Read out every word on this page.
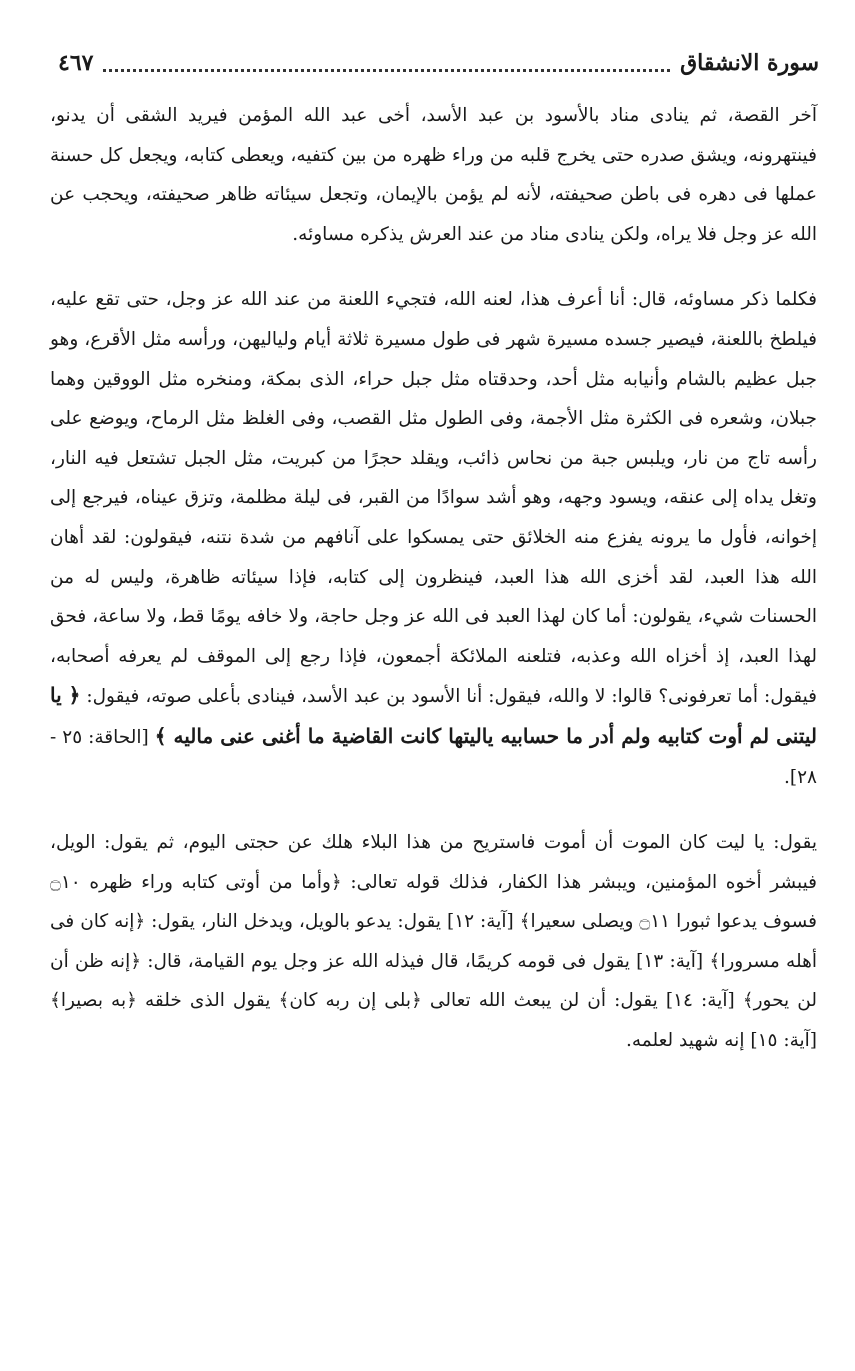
سورة الانشقاق
٤٦٧

آخر القصة، ثم ينادى مناد بالأسود بن عبد الأسد، أخى عبد الله المؤمن فيريد الشقى أن يدنو، فينتهرونه، ويشق صدره حتى يخرج قلبه من وراء ظهره من بين كتفيه، ويعطى كتابه، ويجعل كل حسنة عملها فى دهره فى باطن صحيفته، لأنه لم يؤمن بالإيمان، وتجعل سيئاته ظاهر صحيفته، ويحجب عن الله عز وجل فلا يراه، ولكن ينادى مناد من عند العرش يذكره مساوئه.

فكلما ذكر مساوئه، قال: أنا أعرف هذا، لعنه الله، فتجيء اللعنة من عند الله عز وجل، حتى تقع عليه، فيلطخ باللعنة، فيصير جسده مسيرة شهر فى طول مسيرة ثلاثة أيام ولياليهن، ورأسه مثل الأقرع، وهو جبل عظيم بالشام وأنيابه مثل أحد، وحدقتاه مثل جبل حراء، الذى بمكة، ومنخره مثل الووقين وهما جبلان، وشعره فى الكثرة مثل الأجمة، وفى الطول مثل القصب، وفى الغلظ مثل الرماح، ويوضع على رأسه تاج من نار، ويلبس جبة من نحاس ذائب، ويقلد حجرًا من كبريت، مثل الجبل تشتعل فيه النار، وتغل يداه إلى عنقه، ويسود وجهه، وهو أشد سوادًا من القبر، فى ليلة مظلمة، وتزق عيناه، فيرجع إلى إخوانه، فأول ما يرونه يفزع منه الخلائق حتى يمسكوا على آنافهم من شدة نتنه، فيقولون: لقد أهان الله هذا العبد، لقد أخزى الله هذا العبد، فينظرون إلى كتابه، فإذا سيئاته ظاهرة، وليس له من الحسنات شيء، يقولون: أما كان لهذا العبد فى الله عز وجل حاجة، ولا خافه يومًا قط، ولا ساعة، فحق لهذا العبد، إذ أخزاه الله وعذبه، فتلعنه الملائكة أجمعون، فإذا رجع إلى الموقف لم يعرفه أصحابه، فيقول: أما تعرفونى؟ قالوا: لا والله، فيقول: أنا الأسود بن عبد الأسد، فينادى بأعلى صوته، فيقول: ﴿ يا ليتنى لم أوت كتابيه ولم أدر ما حسابيه ياليتها كانت القاضية ما أغنى عنى ماليه ﴾ [الحاقة: ٢٥ - ٢٨].

يقول: يا ليت كان الموت أن أموت فاستريح من هذا البلاء هلك عن حجتى اليوم، ثم يقول: الويل، فيبشر أخوه المؤمنين، ويبشر هذا الكفار، فذلك قوله تعالى: ﴿وأما من أوتى كتابه وراء ظهره ۝١٠ فسوف يدعوا ثبورا ۝١١ ويصلى سعيرا﴾ [آية: ١٢] يقول: يدعو بالويل، ويدخل النار، يقول: ﴿إنه كان فى أهله مسرورا﴾ [آية: ١٣] يقول فى قومه كريمًا، قال فيذله الله عز وجل يوم القيامة، قال: ﴿إنه ظن أن لن يحور﴾ [آية: ١٤] يقول: أن لن يبعث الله تعالى ﴿بلى إن ربه كان﴾ يقول الذى خلقه ﴿به بصيرا﴾ [آية: ١٥] إنه شهيد لعلمه.
